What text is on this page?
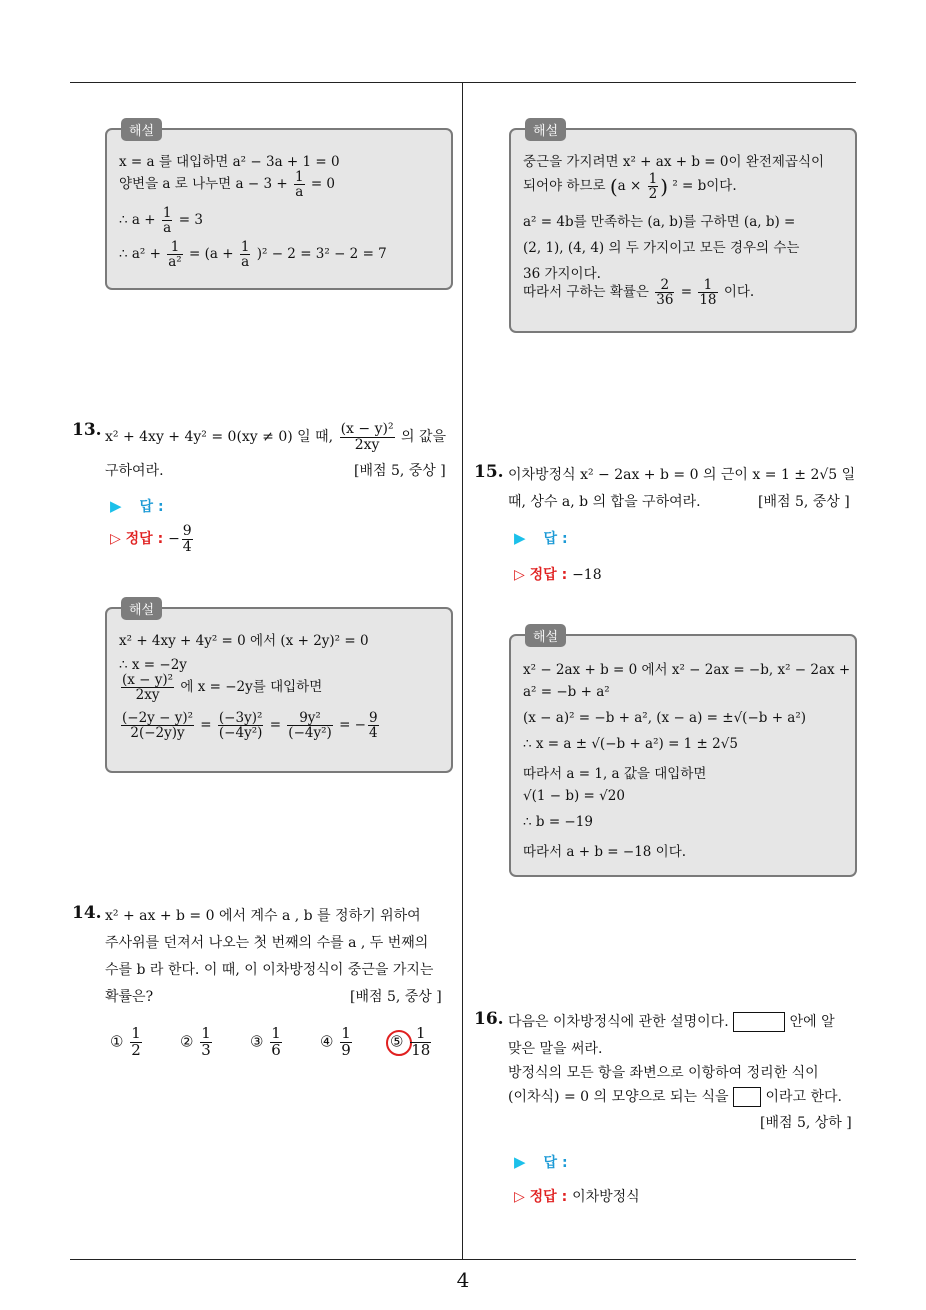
4
해설
x = a 를 대입하면 a² − 3a + 1 = 0
양변을 a 로 나누면 $a - 3 + \frac{1}{a} = 0$
∴ $a + \frac{1}{a} = 3$
∴ $a^2 + \frac{1}{\text{a²}} = (a + \frac{1}{a} )^2 - 2 = 3^2 - 2 = 7$
13. x² + 4xy + 4y² = 0(xy ≠ 0) 일 때, $\frac{\text{(x − y)²}}{2xy}$ 의 값을
구하여라.	[배점 5, 중상 ]
▶ 답 :
▷ 정답 : − $\frac{9}{4}$
해설
x² + 4xy + 4y² = 0 에서 (x + 2y)² = 0
∴ x = −2y
$\frac{\text{(x − y)²}}{2xy}$ 에 x = −2y를 대입하면
$\frac{\text{(−2y − y)²}}{2(-2y)y} = \frac{\text{(−3y)²}}{\text{(−4y²)}} = \frac{\text{9y²}}{\text{(−4y²)}}$ = − $\frac{9}{4}$
14. x² + ax + b = 0 에서 계수 a , b 를 정하기 위하여
주사위를 던져서 나오는 첫 번째의 수를 a , 두 번째의
수를 b 라 한다. 이 때, 이 이차방정식이 중근을 가지는
확률은?	[배점 5, 중상 ]
① $\frac{1}{2}$	② $\frac{1}{3}$	③ $\frac{1}{6}$	④ $\frac{1}{9}$	⑤ $\frac{1}{18}$
해설
중근을 가지려면 x² + ax + b = 0이 완전제곱식이
되어야 하므로 ($a \times \frac{1}{2}$ ) ² = b이다.
a² = 4b를 만족하는 (a, b)를 구하면 (a, b) =
(2, 1), (4, 4) 의 두 가지이고 모든 경우의 수는
36 가지이다.
따라서 구하는 확률은 $\frac{2}{36} = \frac{1}{18}$ 이다.
15. 이차방정식 x² − 2ax + b = 0 의 근이 x = 1 ± 2√5 일
때, 상수 a, b 의 합을 구하여라.	[배점 5, 중상 ]
▶ 답 :
▷ 정답 : −18
해설
x² − 2ax + b = 0 에서 x² − 2ax = −b, x² − 2ax +
a² = −b + a²
(x − a)² = −b + a², (x − a) = ±√(−b + a²)
∴ x = a ± √(−b + a²) = 1 ± 2√5
따라서 a = 1, a 값을 대입하면
√(1 − b) = √20
∴ b = −19
따라서 a + b = −18 이다.
16. 다음은 이차방정식에 관한 설명이다.	안에 알
맞은 말을 써라.
방정식의 모든 항을 좌변으로 이항하여 정리한 식이
(이차식) = 0 의 모양으로 되는 식을	이라고 한다.
[배점 5, 상하 ]
▶ 답 :
▷ 정답 : 이차방정식
